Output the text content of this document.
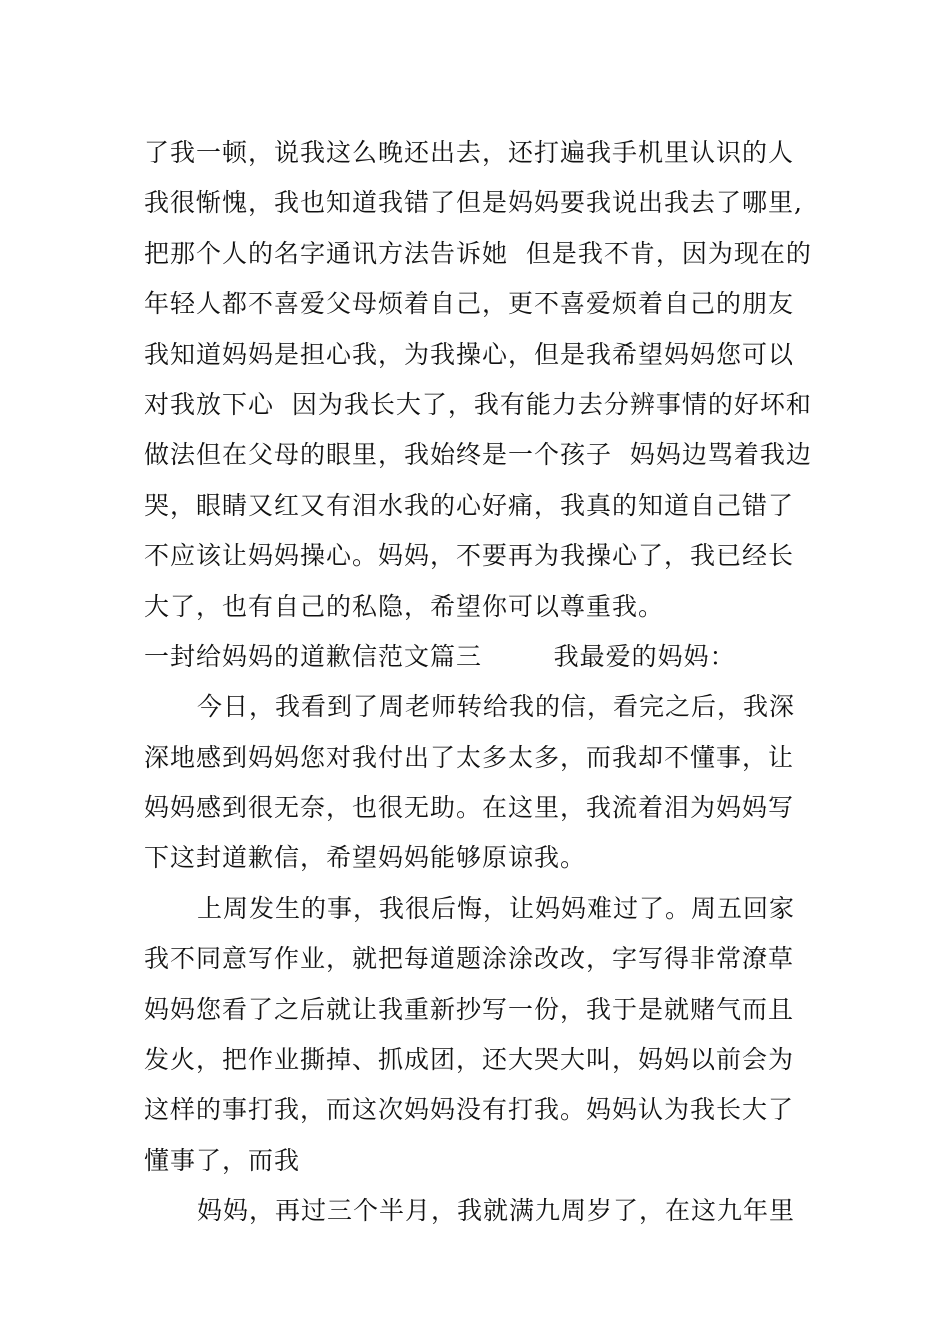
了我一顿，说我这么晚还出去，还打遍我手机里认识的人
我很惭愧，我也知道我错了但是妈妈要我说出我去了哪里,
把那个人的名字通讯方法告诉她  但是我不肯，因为现在的
年轻人都不喜爱父母烦着自己，更不喜爱烦着自己的朋友
我知道妈妈是担心我，为我操心，但是我希望妈妈您可以
对我放下心  因为我长大了，我有能力去分辨事情的好坏和
做法但在父母的眼里，我始终是一个孩子  妈妈边骂着我边
哭，眼睛又红又有泪水我的心好痛，我真的知道自己错了
不应该让妈妈操心。妈妈，不要再为我操心了，我已经长
大了，也有自己的私隐，希望你可以尊重我。
一封给妈妈的道歉信范文篇三        我最爱的妈妈：
今日，我看到了周老师转给我的信，看完之后，我深
深地感到妈妈您对我付出了太多太多，而我却不懂事，让
妈妈感到很无奈，也很无助。在这里，我流着泪为妈妈写
下这封道歉信，希望妈妈能够原谅我。
上周发生的事，我很后悔，让妈妈难过了。周五回家
我不同意写作业，就把每道题涂涂改改，字写得非常潦草
妈妈您看了之后就让我重新抄写一份，我于是就赌气而且
发火，把作业撕掉、抓成团，还大哭大叫，妈妈以前会为
这样的事打我，而这次妈妈没有打我。妈妈认为我长大了
懂事了，而我
妈妈，再过三个半月，我就满九周岁了，在这九年里
